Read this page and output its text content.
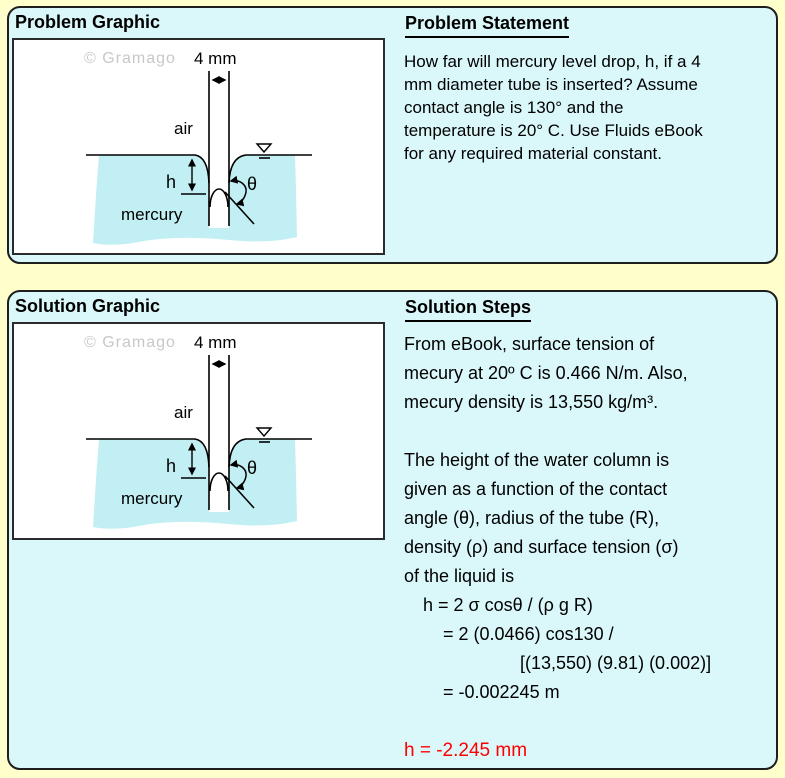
Problem Graphic
© Gramago 4 mm
air
h	θ
mercury
Problem Statement
How far will mercury level drop, h, if a 4
mm diameter tube is inserted? Assume
contact angle is 130° and the
temperature is 20° C. Use Fluids eBook
for any required material constant.
Solution Graphic
© Gramago 4 mm
air
h	θ
mercury
Solution Steps
From eBook, surface tension of
mecury at 20º C is 0.466 N/m. Also,
mecury density is 13,550 kg/m³.
The height of the water column is
given as a function of the contact
angle (θ), radius of the tube (R),
density (ρ) and surface tension (σ)
of the liquid is
h = 2 σ cosθ / (ρ g R)
= 2 (0.0466) cos130 /
[(13,550) (9.81) (0.002)]
= -0.002245 m
h = -2.245 mm
